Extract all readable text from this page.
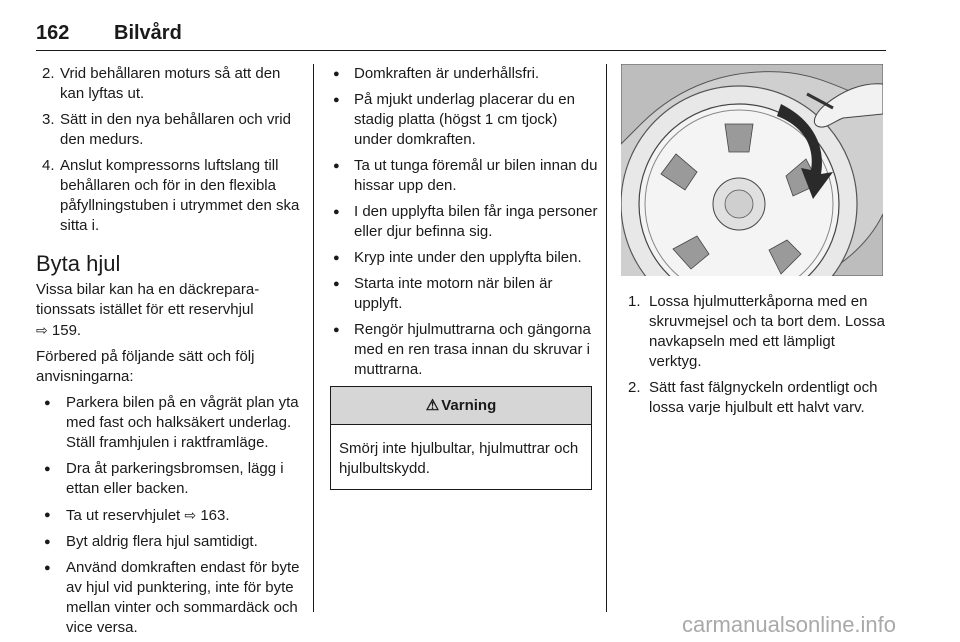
162 Bilvård
2. Vrid behållaren moturs så att den kan lyftas ut.
3. Sätt in den nya behållaren och vrid den medurs.
4. Anslut kompressorns luftslang till behållaren och för in den flexibla påfyllningstuben i utrymmet den ska sitta i.
Byta hjul

Vissa bilar kan ha en däckreparationssats istället för ett reservhjul
⇨ 159.

Förbered på följande sätt och följ anvisningarna:

● Parkera bilen på en vågrät plan yta med fast och halksäkert underlag. Ställ framhjulen i raktframläge.
● Dra åt parkeringsbromsen, lägg i ettan eller backen.
● Ta ut reservhjulet ⇨ 163.
● Byt aldrig flera hjul samtidigt.
● Använd domkraften endast för byte av hjul vid punktering, inte för byte mellan vinter och sommardäck och vice versa.
● Domkraften är underhållsfri.
● På mjukt underlag placerar du en stadig platta (högst 1 cm tjock) under domkraften.
● Ta ut tunga föremål ur bilen innan du hissar upp den.
● I den upplyfta bilen får inga personer eller djur befinna sig.
● Kryp inte under den upplyfta bilen.
● Starta inte motorn när bilen är upplyft.
● Rengör hjulmuttrarna och gängorna med en ren trasa innan du skruvar i muttrarna.
⚠ Varning
Smörj inte hjulbultar, hjulmuttrar och hjulbultskydd.
1. Lossa hjulmutterkåporna med en skruvmejsel och ta bort dem. Lossa navkapseln med ett lämpligt verktyg.
2. Sätt fast fälgnyckeln ordentligt och lossa varje hjulbult ett halvt varv.
carmanualsonline.info
